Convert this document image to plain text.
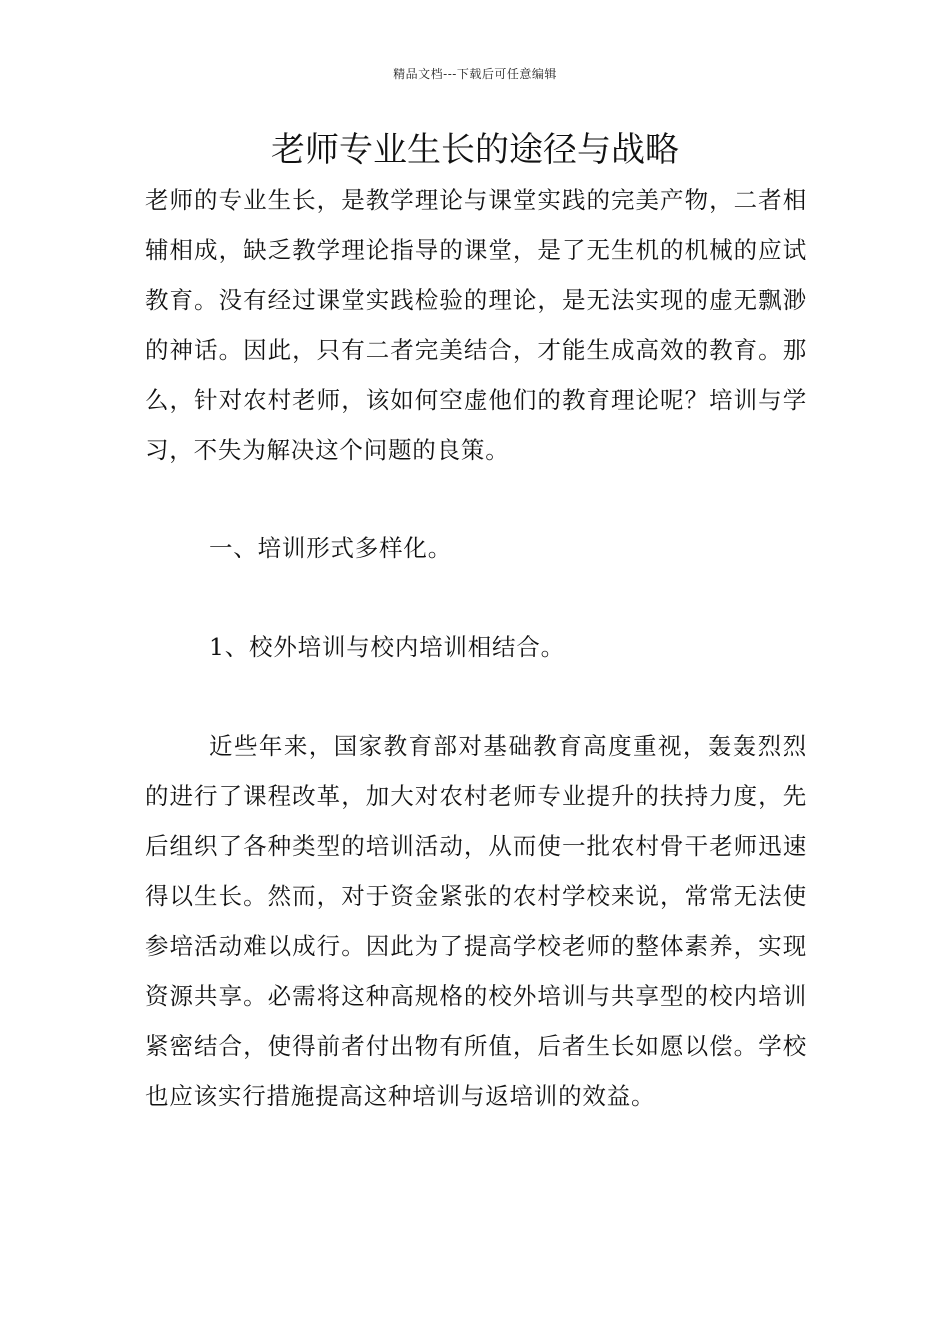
精品文档---下载后可任意编辑
老师专业生长的途径与战略

老师的专业生长，是教学理论与课堂实践的完美产物，二者相辅相成，缺乏教学理论指导的课堂，是了无生机的机械的应试教育。没有经过课堂实践检验的理论，是无法实现的虚无飘渺的神话。因此，只有二者完美结合，才能生成高效的教育。那么，针对农村老师，该如何空虚他们的教育理论呢？培训与学习，不失为解决这个问题的良策。

一、培训形式多样化。

1、校外培训与校内培训相结合。

近些年来，国家教育部对基础教育高度重视，轰轰烈烈的进行了课程改革，加大对农村老师专业提升的扶持力度，先后组织了各种类型的培训活动，从而使一批农村骨干老师迅速得以生长。然而，对于资金紧张的农村学校来说，常常无法使参培活动难以成行。因此为了提高学校老师的整体素养，实现资源共享。必需将这种高规格的校外培训与共享型的校内培训紧密结合，使得前者付出物有所值，后者生长如愿以偿。学校也应该实行措施提高这种培训与返培训的效益。
